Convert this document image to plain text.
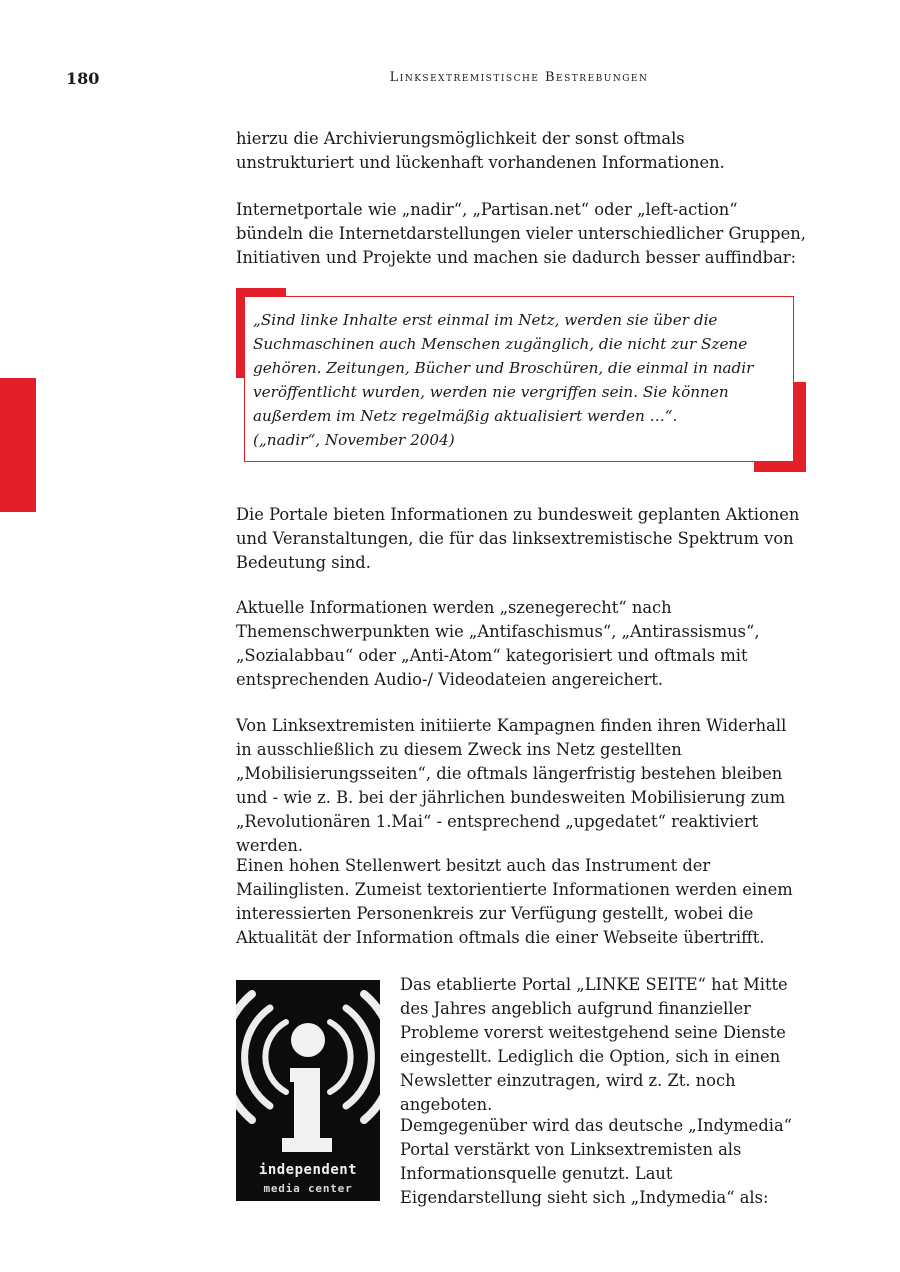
180	Linksextremistische Bestrebungen

hierzu die Archivierungsmöglichkeit der sonst oftmals unstrukturiert und lückenhaft vorhandenen Informationen.

Internetportale wie „nadir“, „Partisan.net“ oder „left-action“ bündeln die Internetdarstellungen vieler unterschiedlicher Gruppen, Initiativen und Projekte und machen sie dadurch besser auffindbar:

„Sind linke Inhalte erst einmal im Netz, werden sie über die Suchmaschinen auch Menschen zugänglich, die nicht zur Szene gehören. Zeitungen, Bücher und Broschüren, die einmal in nadir veröffentlicht wurden, werden nie vergriffen sein. Sie können außerdem im Netz regelmäßig aktualisiert werden …“.

(„nadir“, November 2004)

Die Portale bieten Informationen zu bundesweit geplanten Aktionen und Veranstaltungen, die für das linksextremistische Spektrum von Bedeutung sind.

Aktuelle Informationen werden „szenegerecht“ nach Themenschwerpunkten wie „Antifaschismus“, „Antirassismus“, „Sozialabbau“ oder „Anti-Atom“ kategorisiert und oftmals mit entsprechenden Audio-/ Videodateien angereichert.

Von Linksextremisten initiierte Kampagnen finden ihren Widerhall in ausschließlich zu diesem Zweck ins Netz gestellten „Mobilisierungsseiten“, die oftmals längerfristig bestehen bleiben und - wie z. B. bei der jährlichen bundesweiten Mobilisierung zum „Revolutionären 1.Mai“ - entsprechend „upgedatet“ reaktiviert werden.

Einen hohen Stellenwert besitzt auch das Instrument der Mailinglisten. Zumeist textorientierte Informationen werden einem interessierten Personenkreis zur Verfügung gestellt, wobei die Aktualität der Information oftmals die einer Webseite übertrifft.

independent
media center

Das etablierte Portal „LINKE SEITE“ hat Mitte des Jahres angeblich aufgrund finanzieller Probleme vorerst weitestgehend seine Dienste eingestellt. Lediglich die Option, sich in einen Newsletter einzutragen, wird z. Zt. noch angeboten.

Demgegenüber wird das deutsche „Indymedia“ Portal verstärkt von Linksextremisten als Informationsquelle genutzt. Laut Eigendarstellung sieht sich „Indymedia“ als:
